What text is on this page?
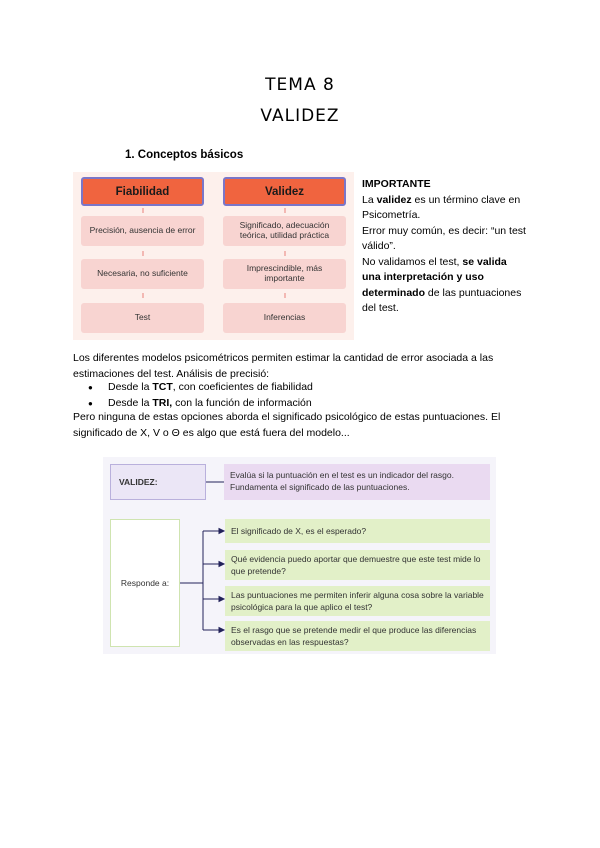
TEMA 8
VALIDEZ
1. Conceptos básicos
Fiabilidad	Validez
Precisión, ausencia de error	Significado, adecuación teórica, utilidad práctica
Necesaria, no suficiente	Imprescindible, más importante
Test	Inferencias
IMPORTANTE
La validez es un término clave en Psicometría.
Error muy común, es decir: “un test válido”.
No validamos el test, se valida una interpretación y uso determinado de las puntuaciones del test.
Los diferentes modelos psicométricos permiten estimar la cantidad de error asociada a las estimaciones del test. Análisis de precisió:
● Desde la TCT, con coeficientes de fiabilidad
● Desde la TRI, con la función de información
Pero ninguna de estas opciones aborda el significado psicológico de estas puntuaciones. El significado de X, V o Θ es algo que está fuera del modelo...
VALIDEZ:
Evalúa si la puntuación en el test es un indicador del rasgo. Fundamenta el significado de las puntuaciones.
Responde a:
El significado de X, es el esperado?
Qué evidencia puedo aportar que demuestre que este test mide lo que pretende?
Las puntuaciones me permiten inferir alguna cosa sobre la variable psicológica para la que aplico el test?
Es el rasgo que se pretende medir el que produce las diferencias observadas en las respuestas?
